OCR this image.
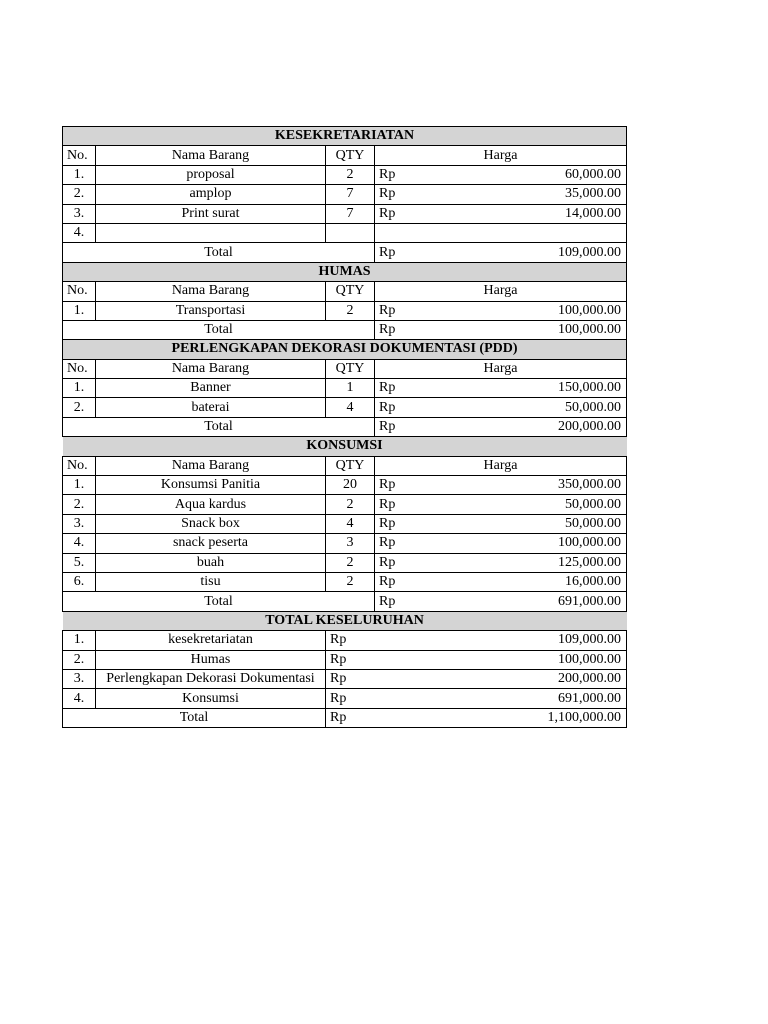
KESEKRETARIATAN				
No.	Nama Barang	QTY	Harga	
1.	proposal	2	Rp	60,000.00
2.	amplop	7	Rp	35,000.00
3.	Print surat	7	Rp	14,000.00
4.				
Total			Rp	109,000.00
HUMAS				
No.	Nama Barang	QTY	Harga	
1.	Transportasi	2	Rp	100,000.00
Total			Rp	100,000.00
PERLENGKAPAN DEKORASI DOKUMENTASI (PDD)				
No.	Nama Barang	QTY	Harga	
1.	Banner	1	Rp	150,000.00
2.	baterai	4	Rp	50,000.00
Total			Rp	200,000.00
KONSUMSI				
No.	Nama Barang	QTY	Harga	
1.	Konsumsi Panitia	20	Rp	350,000.00
2.	Aqua kardus	2	Rp	50,000.00
3.	Snack box	4	Rp	50,000.00
4.	snack peserta	3	Rp	100,000.00
5.	buah	2	Rp	125,000.00
6.	tisu	2	Rp	16,000.00
Total			Rp	691,000.00
TOTAL KESELURUHAN				
1.	kesekretariatan	Rp	109,000.00	
2.	Humas	Rp	100,000.00	
3.	Perlengkapan Dekorasi Dokumentasi	Rp	200,000.00	
4.	Konsumsi	Rp	691,000.00	
Total		Rp	1,100,000.00	
